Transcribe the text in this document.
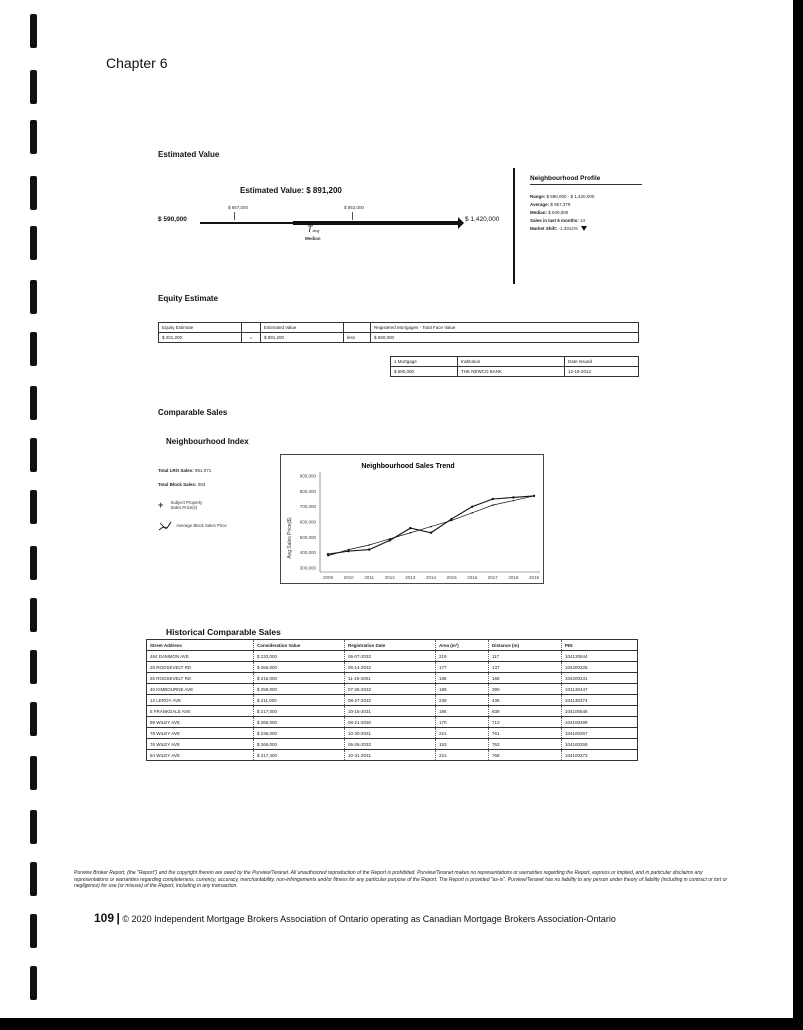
Chapter 6
Estimated Value
Estimated Value: $ 891,200
$ 857,000	$ 953,000
$ 590,000	$ 1,420,000
TAvg
Median
Neighbourhood Profile
Range: $ 590,000 - $ 1,420,000
Average: $ 957,379
Median: $ 940,000
Sales in last 6 months: 13
Market Shift: -1.3312%
Equity Estimate
Equity Estimate		Estimated Value		Registered Mortgages - Total Face Value
$ 201,200	=	$ 891,200	less	$ 690,000
1 Mortgage	Institution	Date Issued
$ 690,000	THE NEWCO BANK	12-18-2012
Comparable Sales
Neighbourhood Index
Total LRO Sales: 951,071
Total Block Sales: 283
+ Subject Property
Sales Price(s)
Average Block Sales Price
Neighbourhood Sales Trend
Avg Sales Price($)
300,000
400,000
500,000
600,000
700,000
800,000
900,000
2009 2010 2011 2012 2013 2014 2015 2016 2017 2018 2019
Historical Comparable Sales
Street Address	Consideration Value	Registration Date	Area (m²)	Distance (m)	PIN
464 DAMMON AVE	$ 233,000	06-07-2032	219	117	104130644
28 ROOSEVELT RD	$ 266,000	06-14-2032	177	137	104200228
26 ROOSEVELT RD	$ 216,000	11-18-2001	188	165	104200231
40 KIMBOURNE AVE	$ 259,000	07-26-2032	189	390	104130447
12 LEROY AVE	$ 211,000	08-27-2032	239	436	104130374
5 FRANKDALE AVE	$ 217,000	10-15-2031	195	639	104100546
89 WILEY AVE	$ 266,000	08-21-2030	170	713	104100299
78 WILEY AVE	$ 236,000	10-30-2031	221	761	104100267
76 WILEY AVE	$ 265,000	06-26-2032	153	763	104100269
84 WILEY AVE	$ 217,400	10-31-2031	221	768	104100273
Purview Broker Report, (the "Report") and the copyright therein are owed by the Purview/Teranet. All unauthorized reproduction of the Report is prohibited. Purview/Teranet makes no representations or warranties regarding the Report, express or implied, and in particular disclaims any representations or warranties regarding completeness, currency, accuracy, merchantability, non-infringements and/or fitness for any particular purpose of the Report. The Report is provided "as-is". Purview/Teranet has no liability to any person under theory of liability (including in contract or tort or negligence) for use (or misuse) of the Report, including in any transaction.
109 | © 2020 Independent Mortgage Brokers Association of Ontario operating as Canadian Mortgage Brokers Association-Ontario
